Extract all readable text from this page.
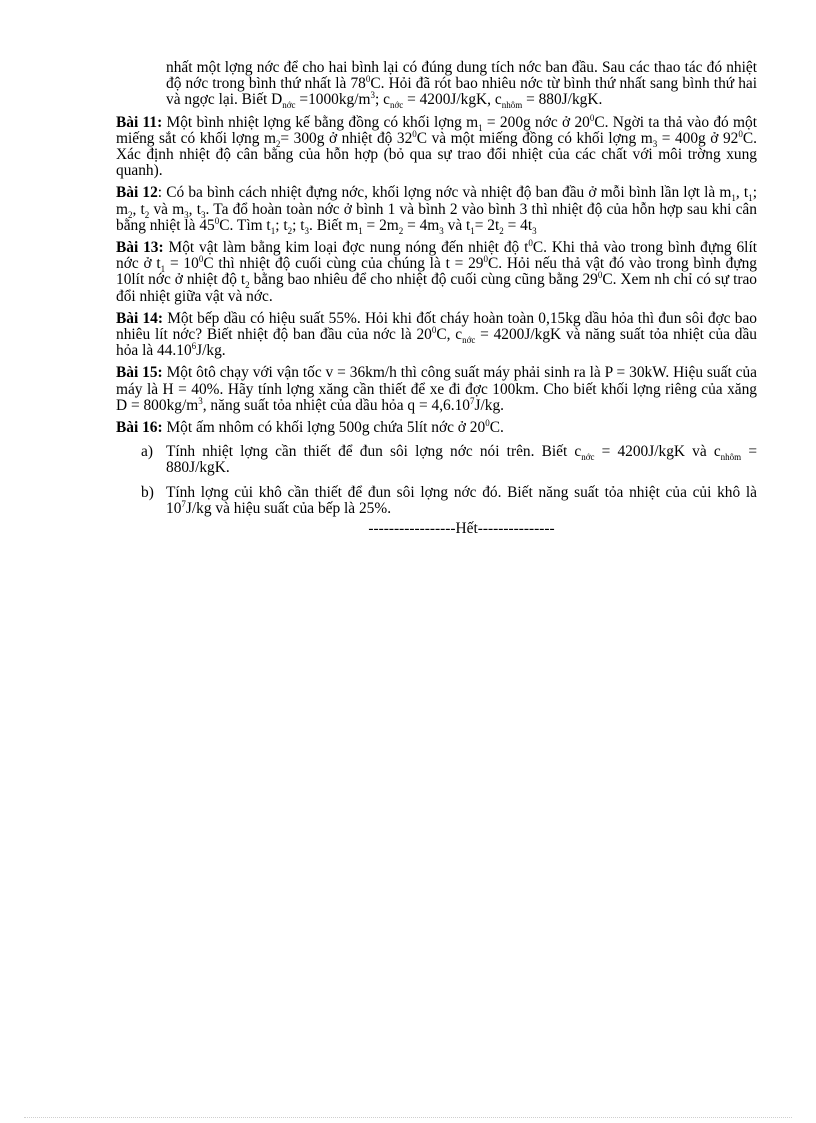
nhất một lợng nớc để cho hai bình lại có đúng dung tích nớc ban đầu. Sau các thao tác đó nhiệt độ nớc trong bình thứ nhất là $78^0C$. Hỏi đã rót bao nhiêu nớc từ bình thứ nhất sang bình thứ hai và ngợc lại. Biết $D_{nớc} =1000kg/m^3$; $c_{nớc} = 4200J/kgK$, $c_{nhôm} = 880J/kgK$.

Bài 11: Một bình nhiệt lợng kế bằng đồng có khối lợng $m_1 = 200g$ nớc ở $20^0C$. Ngời ta thả vào đó một miếng sắt có khối lợng $m_2= 300g$ ở nhiệt độ $32^0C$ và một miếng đồng có khối lợng $m_3 = 400g$ ở $92^0C$. Xác định nhiệt độ cân bằng của hỗn hợp (bỏ qua sự trao đổi nhiệt của các chất với môi trờng xung quanh).

Bài 12: Có ba bình cách nhiệt đựng nớc, khối lợng nớc và nhiệt độ ban đầu ở mỗi bình lần lợt là $m_1$, $t_1$; $m_2$, $t_2$ và $m_3$, $t_3$. Ta đổ hoàn toàn nớc ở bình 1 và bình 2 vào bình 3 thì nhiệt độ của hỗn hợp sau khi cân bằng nhiệt là $45^0C$. Tìm $t_1$; $t_2$; $t_3$. Biết $m_1 = 2m_2 = 4m_3$ và $t_1= 2t_2 = 4t_3$

Bài 13: Một vật làm bằng kim loại đợc nung nóng đến nhiệt độ $t^0C$. Khi thả vào trong bình đựng 6lít nớc ở $t_1 = 10^0C$ thì nhiệt độ cuối cùng của chúng là $t = 29^0C$. Hỏi nếu thả vật đó vào trong bình đựng 10lít nớc ở nhiệt độ $t_2$ bằng bao nhiêu để cho nhiệt độ cuối cùng cũng bằng $29^0C$. Xem nh chỉ có sự trao đổi nhiệt giữa vật và nớc.

Bài 14: Một bếp dầu có hiệu suất 55%. Hỏi khi đốt cháy hoàn toàn 0,15kg dầu hỏa thì đun sôi đợc bao nhiêu lít nớc? Biết nhiệt độ ban đầu của nớc là $20^0C$, $c_{nớc} = 4200J/kgK$ và năng suất tỏa nhiệt của dầu hỏa là 44.10$^6$J/kg.

Bài 15: Một ôtô chạy với vận tốc v = 36km/h thì công suất máy phải sinh ra là P = 30kW. Hiệu suất của máy là H = 40%. Hãy tính lợng xăng cần thiết để xe đi đợc 100km. Cho biết khối lợng riêng của xăng $D = 800kg/m^3$, năng suất tỏa nhiệt của dầu hỏa $q = 4,6.10^7J/kg$.

Bài 16: Một ấm nhôm có khối lợng 500g chứa 5lít nớc ở $20^0C$.

a) Tính nhiệt lợng cần thiết để đun sôi lợng nớc nói trên. Biết $c_{nớc} = 4200J/kgK$ và $c_{nhôm} = 880J/kgK$.
b) Tính lợng củi khô cần thiết để đun sôi lợng nớc đó. Biết năng suất tỏa nhiệt của củi khô là $10^7J/kg$ và hiệu suất của bếp là 25%.
-----------------Hết---------------
